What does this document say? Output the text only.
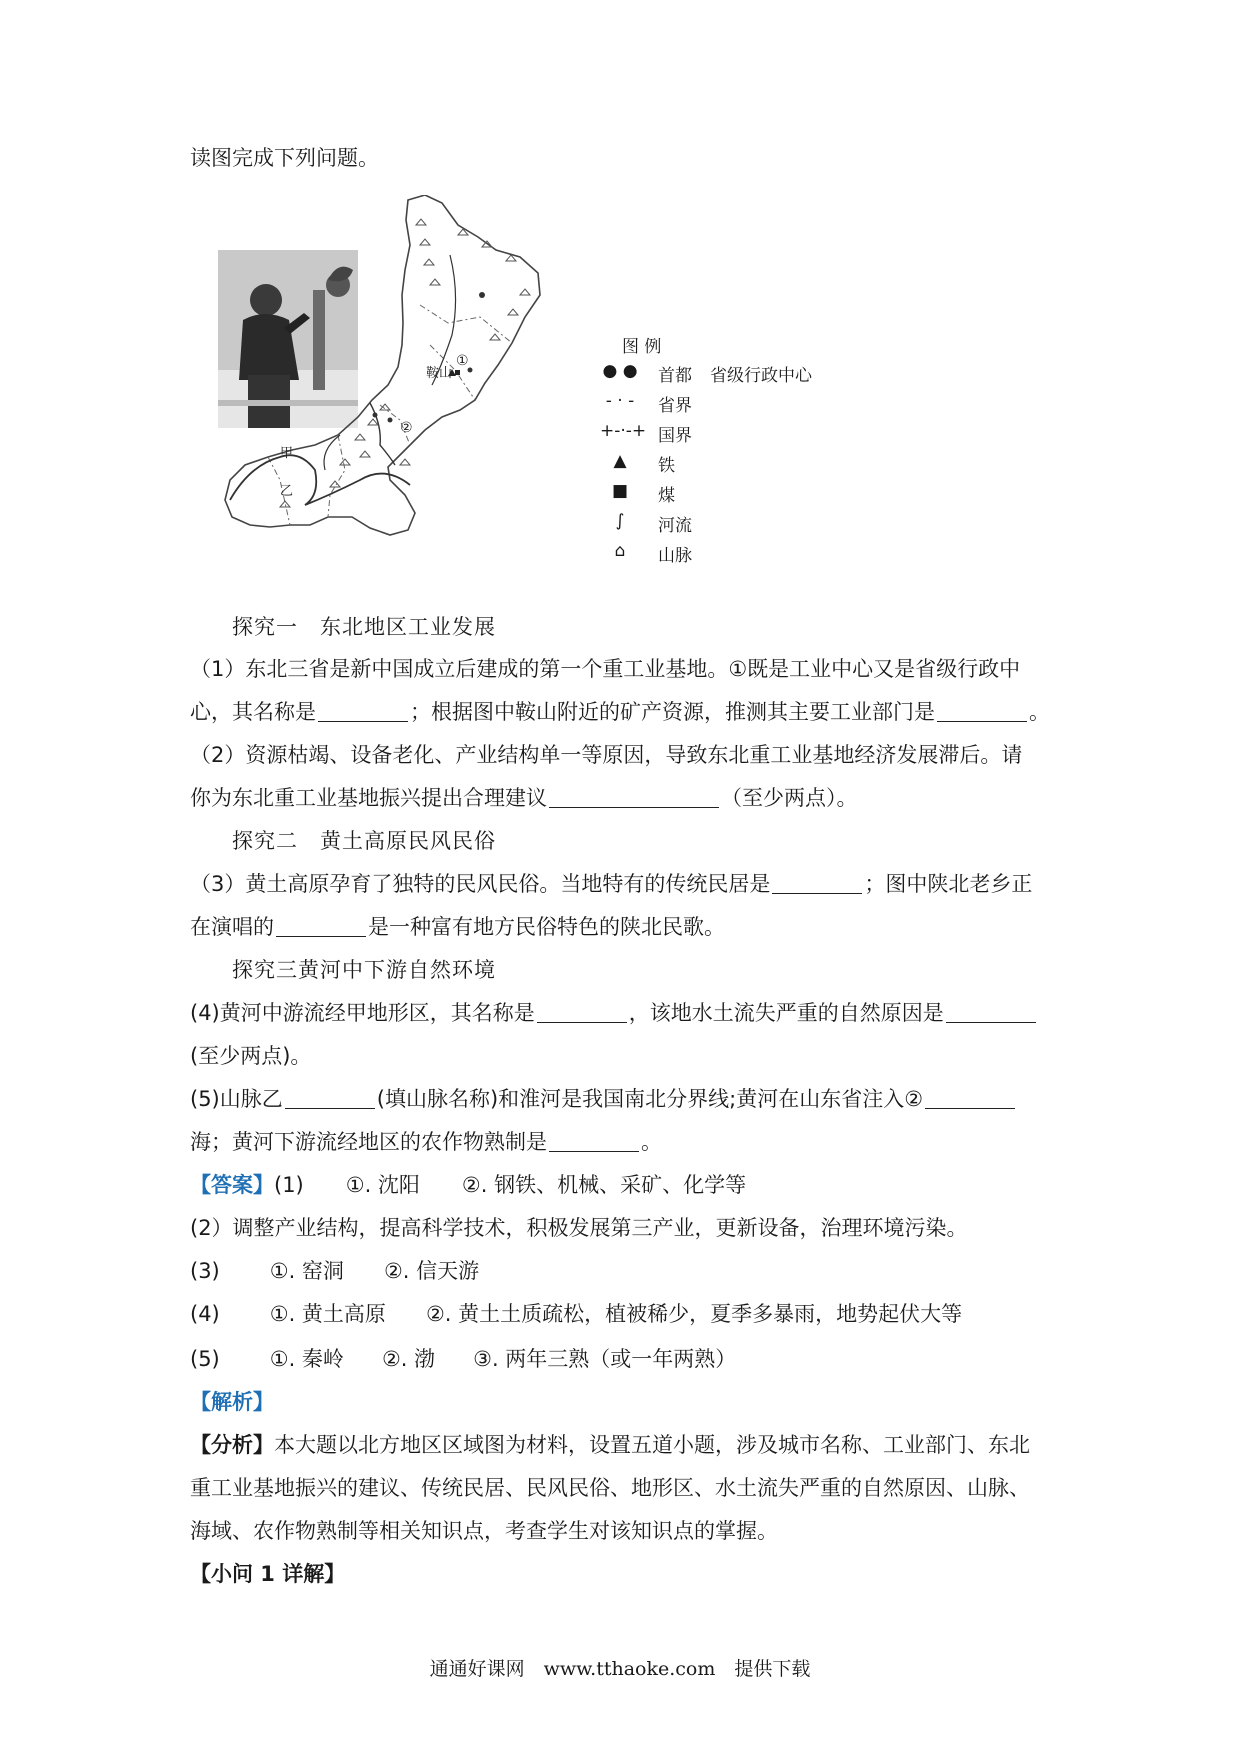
读图完成下列问题。
鞍山
①
②
甲
乙
图 例
● ● 首都 省级行政中心
- · -	省界
+-·-+ 国界
▲	铁
■	煤
∫	河流
⌂	山脉
探究一　东北地区工业发展
（1）东北三省是新中国成立后建成的第一个重工业基地。①既是工业中心又是省级行政中
心，其名称是	；根据图中鞍山附近的矿产资源，推测其主要工业部门是	。
（2）资源枯竭、设备老化、产业结构单一等原因，导致东北重工业基地经济发展滞后。请
你为东北重工业基地振兴提出合理建议	（至少两点）。
探究二　黄土高原民风民俗
（3）黄土高原孕育了独特的民风民俗。当地特有的传统民居是	；图中陕北老乡正
在演唱的	是一种富有地方民俗特色的陕北民歌。
探究三黄河中下游自然环境
(4)黄河中游流经甲地形区，其名称是	，该地水土流失严重的自然原因是
(至少两点)。
(5)山脉乙	(填山脉名称)和淮河是我国南北分界线;黄河在山东省注入②
海；黄河下游流经地区的农作物熟制是	。
【答案】(1)　　①. 沈阳　　②. 钢铁、机械、采矿、化学等
(2）调整产业结构，提高科学技术，积极发展第三产业，更新设备，治理环境污染。
(3) ①. 窑洞 ②. 信天游
(4) ①. 黄土高原 ②. 黄土土质疏松，植被稀少，夏季多暴雨，地势起伏大等
(5) ①. 秦岭 ②. 渤 ③. 两年三熟（或一年两熟）
【解析】
【分析】本大题以北方地区区域图为材料，设置五道小题，涉及城市名称、工业部门、东北
重工业基地振兴的建议、传统民居、民风民俗、地形区、水土流失严重的自然原因、山脉、
海域、农作物熟制等相关知识点，考查学生对该知识点的掌握。
【小问 1 详解】
通通好课网　www.tthaoke.com　提供下载
